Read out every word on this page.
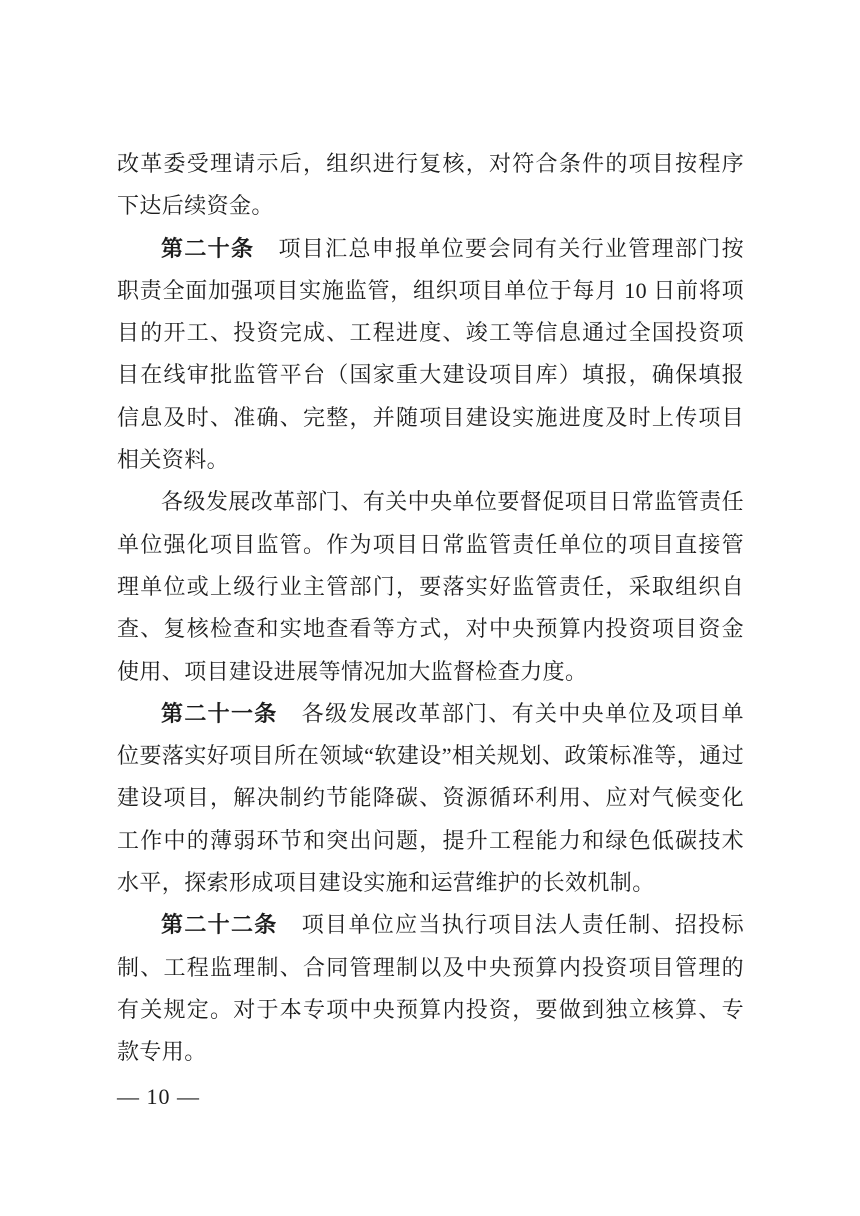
改革委受理请示后，组织进行复核，对符合条件的项目按程序下达后续资金。

第二十条 项目汇总申报单位要会同有关行业管理部门按职责全面加强项目实施监管，组织项目单位于每月 10 日前将项目的开工、投资完成、工程进度、竣工等信息通过全国投资项目在线审批监管平台（国家重大建设项目库）填报，确保填报信息及时、准确、完整，并随项目建设实施进度及时上传项目相关资料。

各级发展改革部门、有关中央单位要督促项目日常监管责任单位强化项目监管。作为项目日常监管责任单位的项目直接管理单位或上级行业主管部门，要落实好监管责任，采取组织自查、复核检查和实地查看等方式，对中央预算内投资项目资金使用、项目建设进展等情况加大监督检查力度。

第二十一条 各级发展改革部门、有关中央单位及项目单位要落实好项目所在领域“软建设”相关规划、政策标准等，通过建设项目，解决制约节能降碳、资源循环利用、应对气候变化工作中的薄弱环节和突出问题，提升工程能力和绿色低碳技术水平，探索形成项目建设实施和运营维护的长效机制。

第二十二条 项目单位应当执行项目法人责任制、招投标制、工程监理制、合同管理制以及中央预算内投资项目管理的有关规定。对于本专项中央预算内投资，要做到独立核算、专款专用。

— 10 —
